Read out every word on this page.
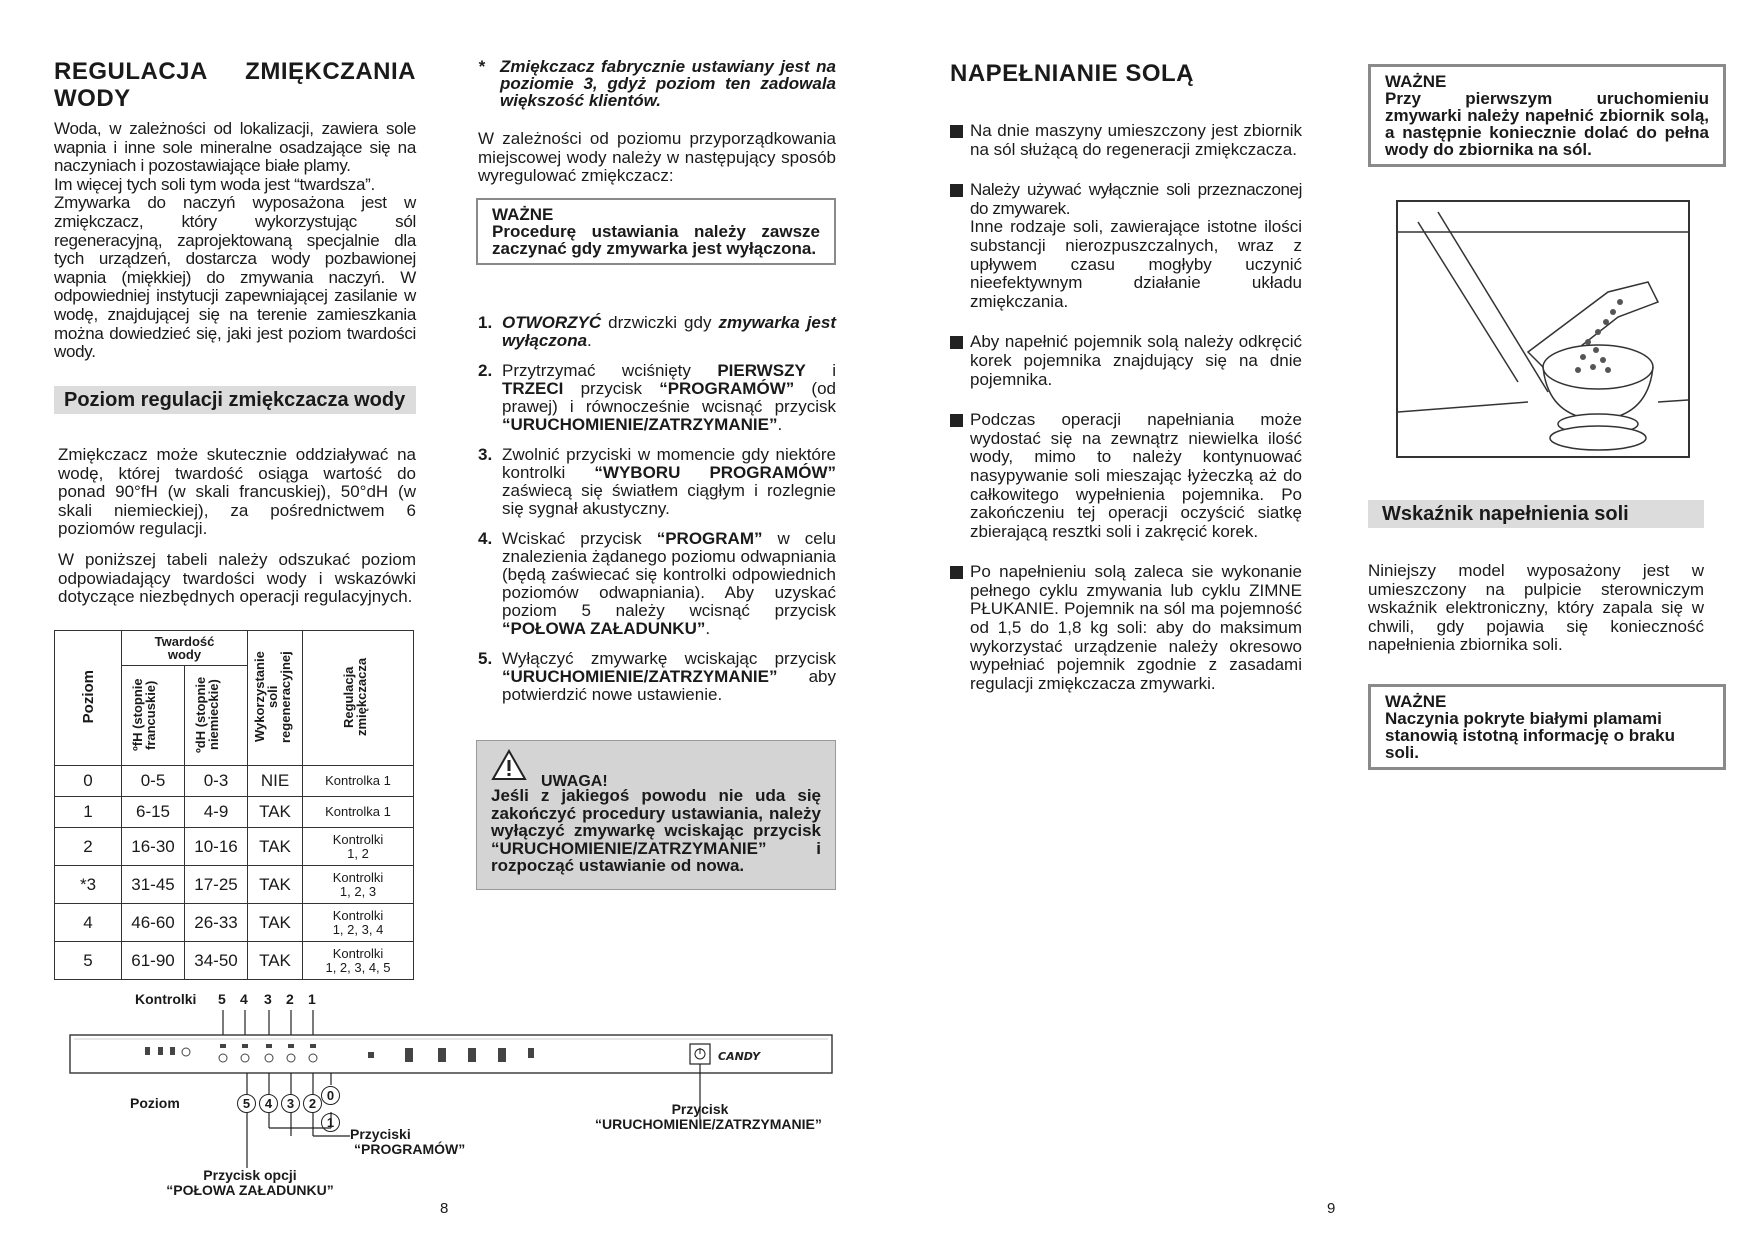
REGULACJA ZMIĘKCZANIA WODY
Woda, w zależności od lokalizacji, zawiera sole wapnia i inne sole mineralne osadzające się na naczyniach i pozostawiające białe plamy.
Im więcej tych soli tym woda jest “twardsza”.
Zmywarka do naczyń wyposażona jest w zmiękczacz, który wykorzystując sól regeneracyjną, zaprojektowaną specjalnie dla tych urządzeń, dostarcza wody pozbawionej wapnia (miękkiej) do zmywania naczyń. W odpowiedniej instytucji zapewniającej zasilanie w wodę, znajdującej się na terenie zamieszkania można dowiedzieć się, jaki jest poziom twardości wody.
Poziom regulacji zmiękczacza wody

Zmiękczacz może skutecznie oddziaływać na wodę, której twardość osiąga wartość do ponad 90°fH (w skali francuskiej), 50°dH (w skali niemieckiej), za pośrednictwem 6 poziomów regulacji.

W poniższej tabeli należy odszukać poziom odpowiadający twardości wody i wskazówki dotyczące niezbędnych operacji regulacyjnych.

Poziom	Twardość wody		Wykorzystanie soli regeneracyjnej	Regulacja zmiękczacza
	ºfH (stopnie francuskie)	ºdH (stopnie niemieckie)		
0	0-5	0-3	NIE	Kontrolka 1
1	6-15	4-9	TAK	Kontrolka 1
2	16-30	10-16	TAK	Kontrolki
1, 2

*3	31-45	17-25	TAK	Kontrolki
1, 2, 3

4	46-60	26-33	TAK	Kontrolki
1, 2, 3, 4

5	61-90	34-50	TAK	Kontrolki
1, 2, 3, 4, 5
Kontrolki 5 4 3 2 1
CANDY
0
Poziom	5	4	3	2
1
Przyciski
“PROGRAMÓW”
Przycisk opcji
“POŁOWA ZAŁADUNKU”
Przycisk
“URUCHOMIENIE/ZATRZYMANIE”
8
* Zmiękczacz fabrycznie ustawiany jest na poziomie 3, gdyż poziom ten zadowala większość klientów.
W zależności od poziomu przyporządkowania miejscowej wody należy w następujący sposób wyregulować zmiękczacz:
WAŻNE
Procedurę ustawiania należy zawsze zaczynać gdy zmywarka jest wyłączona.
1. OTWORZYĆ drzwiczki gdy zmywarka jest wyłączona.
2. Przytrzymać wciśnięty PIERWSZY i TRZECI przycisk “PROGRAMÓW” (od prawej) i równocześnie wcisnąć przycisk “URUCHOMIENIE/ZATRZYMANIE”.
3. Zwolnić przyciski w momencie gdy niektóre kontrolki “WYBORU PROGRAMÓW” zaświecą się światłem ciągłym i rozlegnie się sygnał akustyczny.
4. Wciskać przycisk “PROGRAM” w celu znalezienia żądanego poziomu odwapniania (będą zaświecać się kontrolki odpowiednich poziomów odwapniania). Aby uzyskać poziom 5 należy wcisnąć przycisk “POŁOWA ZAŁADUNKU”.
5. Wyłączyć zmywarkę wciskając przycisk “URUCHOMIENIE/ZATRZYMANIE” aby potwierdzić nowe ustawienie.
UWAGA!
Jeśli z jakiegoś powodu nie uda się zakończyć procedury ustawiania, należy wyłączyć zmywarkę wciskając przycisk “URUCHOMIENIE/ZATRZYMANIE” i rozpocząć ustawianie od nowa.
NAPEŁNIANIE SOLĄ
Na dnie maszyny umieszczony jest zbiornik na sól służącą do regeneracji zmiękczacza.
Należy używać wyłącznie soli przeznaczonej do zmywarek.
Inne rodzaje soli, zawierające istotne ilości substancji nierozpuszczalnych, wraz z upływem czasu mogłyby uczynić nieefektywnym działanie układu zmiękczania.
Aby napełnić pojemnik solą należy odkręcić korek pojemnika znajdujący się na dnie pojemnika.
Podczas operacji napełniania może wydostać się na zewnątrz niewielka ilość wody, mimo to należy kontynuować nasypywanie soli mieszając łyżeczką aż do całkowitego wypełnienia pojemnika. Po zakończeniu tej operacji oczyścić siatkę zbierającą resztki soli i zakręcić korek.
Po napełnieniu solą zaleca sie wykonanie pełnego cyklu zmywania lub cyklu ZIMNE PŁUKANIE. Pojemnik na sól ma pojemność od 1,5 do 1,8 kg soli: aby do maksimum wykorzystać urządzenie należy okresowo wypełniać pojemnik zgodnie z zasadami regulacji zmiękczacza zmywarki.
WAŻNE
Przy pierwszym uruchomieniu zmywarki należy napełnić zbiornik solą, a następnie koniecznie dolać do pełna wody do zbiornika na sól.
Wskaźnik napełnienia soli
Niniejszy model wyposażony jest w umieszczony na pulpicie sterowniczym wskaźnik elektroniczny, który zapala się w chwili, gdy pojawia się konieczność napełnienia zbiornika soli.
WAŻNE
Naczynia pokryte białymi plamami stanowią istotną informację o braku soli.
9
